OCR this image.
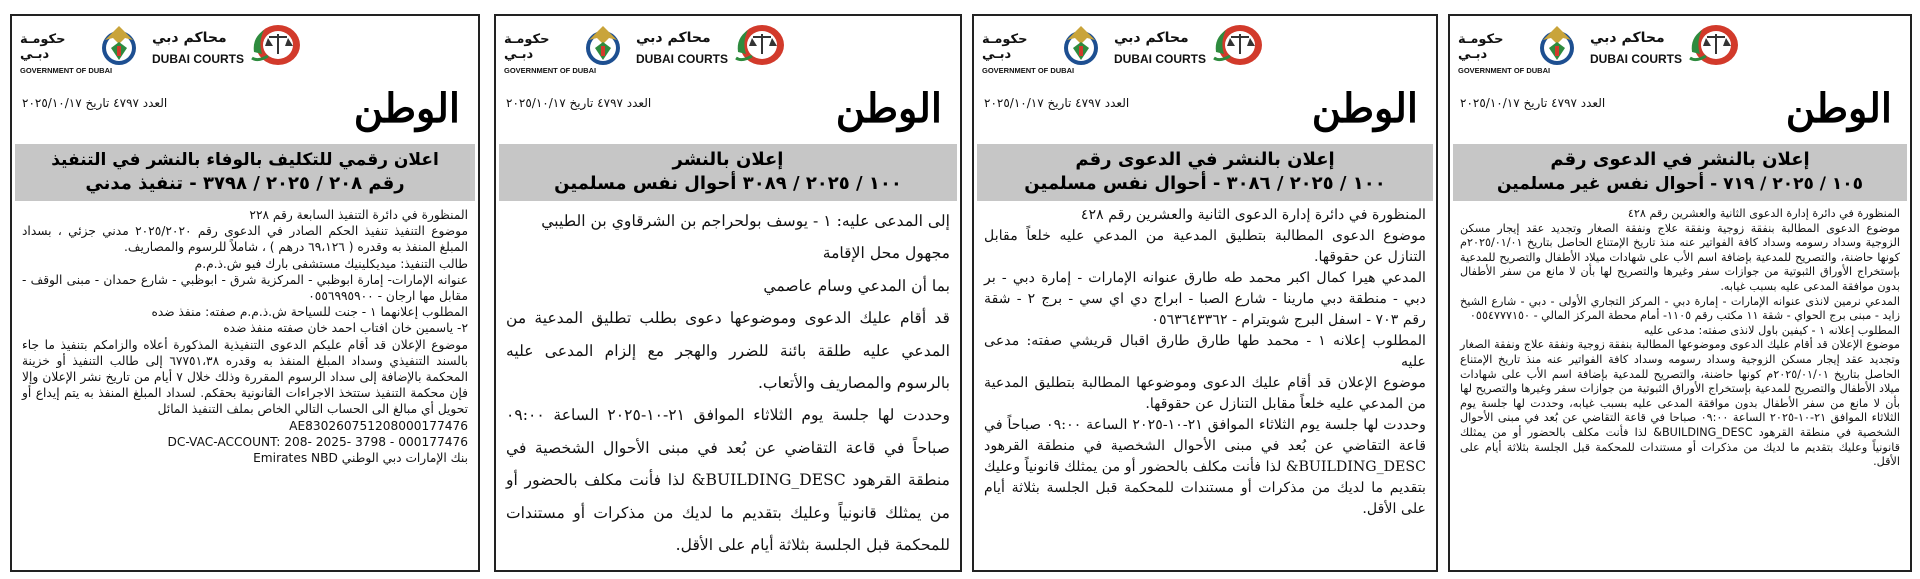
حكومـة دبـي
GOVERNMENT OF DUBAI
محاكم دبي
DUBAI COURTS
الوطن
العدد ٤٧٩٧ تاريخ ٢٠٢٥/١٠/١٧
اعلان رقمي للتكليف بالوفاء بالنشر في التنفيذ
رقم ٢٠٨ / ٢٠٢٥ / ٣٧٩٨ - تنفيذ مدني

المنظورة في دائرة التنفيذ السابعة رقم ٢٢٨

موضوع التنفيذ تنفيذ الحكم الصادر في الدعوى رقم ٢٠٢٥/٢٠٢٠ مدني جزئي ، بسداد المبلغ المنفذ به وقدره ( ٦٩،١٢٦ درهم ) ، شاملاً للرسوم والمصاريف.

طالب التنفيذ: ميديكلينيك مستشفى بارك فيو ش.ذ.م.م

عنوانه الإمارات- إمارة ابوظبي - المركزية شرق - ابوظبي - شارع حمدان - مبنى الوقف - مقابل مها ارجان - ٠٥٥٦٩٩٥٩٠٠

المطلوب إعلانهما ١ - جنت للسياحة ش.ذ.م.م صفته: منفذ ضده

٢- ياسمين خان افتاب احمد خان صفته منفذ ضده

موضوع الإعلان قد أقام عليكم الدعوى التنفيذية المذكورة أعلاه والزامكم بتنفيذ ما جاء بالسند التنفيذي وسداد المبلغ المنفذ به وقدره ٦٧٧٥١،٣٨ إلى طالب التنفيذ أو خزينة المحكمة بالإضافة إلى سداد الرسوم المقررة وذلك خلال ٧ أيام من تاريخ نشر الإعلان وإلا فإن محكمة التنفيذ ستتخذ الاجراءات القانونية بحقكم. لسداد المبلغ المنفذ به يتم إيداع أو تحويل أي مبالغ الى الحساب التالي الخاص بملف التنفيذ المائل

AE830260751208000177476

DC-VAC-ACCOUNT: 208- 2025- 3798 - 000177476

بنك الإمارات دبي الوطني Emirates NBD

حكومـة دبـي
GOVERNMENT OF DUBAI
محاكم دبي
DUBAI COURTS
الوطن
العدد ٤٧٩٧ تاريخ ٢٠٢٥/١٠/١٧
إعلان بالنشر
١٠٠ / ٢٠٢٥ / ٣٠٨٩ أحوال نفس مسلمين

إلى المدعى عليه: ١ - يوسف بولحراجم بن الشرقاوي بن الطيبي

مجهول محل الإقامة

بما أن المدعي وسام عاصمي

قد أقام عليك الدعوى وموضوعها دعوى بطلب تطليق المدعية من المدعي عليه طلقة بائنة للضرر والهجر مع إلزام المدعى عليه بالرسوم والمصاريف والأتعاب.

وحددت لها جلسة يوم الثلاثاء الموافق ٢١-١٠-٢٠٢٥ الساعة ٠٩:٠٠ صباحاً في قاعة التقاضي عن بُعد في مبنى الأحوال الشخصية في منطقة القرهود BUILDING_DESC& لذا فأنت مكلف بالحضور أو من يمثلك قانونياً وعليك بتقديم ما لديك من مذكرات أو مستندات للمحكمة قبل الجلسة بثلاثة أيام على الأقل.

حكومـة دبـي
GOVERNMENT OF DUBAI
محاكم دبي
DUBAI COURTS
الوطن
العدد ٤٧٩٧ تاريخ ٢٠٢٥/١٠/١٧
إعلان بالنشر في الدعوى رقم
١٠٠ / ٢٠٢٥ / ٣٠٨٦ - أحوال نفس مسلمين

المنظورة في دائرة إدارة الدعوى الثانية والعشرين رقم ٤٢٨

موضوع الدعوى المطالبة بتطليق المدعية من المدعي عليه خلعاً مقابل التنازل عن حقوقها.

المدعي هيرا كمال اكبر محمد طه طارق عنوانه الإمارات - إمارة دبي - بر دبي - منطقة دبي مارينا - شارع الصبا - ابراج دي اي سي - برج ٢ - شقة رقم ٧٠٣ - اسفل البرج شويترام - ٠٥٦٣٦٤٣٣٦٢

المطلوب إعلانه ١ - محمد طها طارق طارق اقبال قريشي صفته: مدعى عليه

موضوع الإعلان قد أقام عليك الدعوى وموضوعها المطالبة بتطليق المدعية من المدعي عليه خلعاً مقابل التنازل عن حقوقها.

وحددت لها جلسة يوم الثلاثاء الموافق ٢١-١٠-٢٠٢٥ الساعة ٠٩:٠٠ صباحاً في قاعة التقاضي عن بُعد في مبنى الأحوال الشخصية في منطقة القرهود BUILDING_DESC& لذا فأنت مكلف بالحضور أو من يمثلك قانونياً وعليك بتقديم ما لديك من مذكرات أو مستندات للمحكمة قبل الجلسة بثلاثة أيام على الأقل.

حكومـة دبـي
GOVERNMENT OF DUBAI
محاكم دبي
DUBAI COURTS
الوطن
العدد ٤٧٩٧ تاريخ ٢٠٢٥/١٠/١٧
إعلان بالنشر في الدعوى رقم
١٠٥ / ٢٠٢٥ / ٧١٩ - أحوال نفس غير مسلمين

المنظورة في دائرة إدارة الدعوى الثانية والعشرين رقم ٤٢٨

موضوع الدعوى المطالبة بنفقة زوجية ونفقة علاج ونفقة الصغار وتجديد عقد إيجار مسكن الزوجية وسداد رسومه وسداد كافة الفواتير عنه منذ تاريخ الإمتناع الحاصل بتاريخ ٢٠٢٥/٠١/٠١م كونها حاضنة، والتصريح للمدعية بإضافة اسم الأب على شهادات ميلاد الأطفال والتصريح للمدعية بإستخراج الأوراق الثبوتية من جوازات سفر وغيرها والتصريح لها بأن لا مانع من سفر الأطفال بدون موافقة المدعى عليه بسبب غيابه.

المدعي نرمين لانذى عنوانه الإمارات - إمارة دبي - المركز التجاري الأولى - دبي - شارع الشيخ زايد - مبنى برج الحواي - شقة ١١ مكتب رقم ١١٠٥- أمام محطة المركز المالي - ٠٥٥٤٧٧٧١٥٠

المطلوب إعلانه ١ - كيفين باول لانذى صفته: مدعى عليه

موضوع الإعلان قد أقام عليك الدعوى وموضوعها المطالبة بنفقة زوجية ونفقة علاج ونفقة الصغار وتجديد عقد إيجار مسكن الزوجية وسداد رسومه وسداد كافة الفواتير عنه منذ تاريخ الإمتناع الحاصل بتاريخ ٢٠٢٥/٠١/٠١م كونها حاضنة، والتصريح للمدعية بإضافة اسم الأب على شهادات ميلاد الأطفال والتصريح للمدعية بإستخراج الأوراق الثبوتية من جوازات سفر وغيرها والتصريح لها بأن لا مانع من سفر الأطفال بدون موافقة المدعى عليه بسبب غيابه، وحددت لها جلسة يوم الثلاثاء الموافق ٢١-١٠-٢٠٢٥ الساعة ٠٩:٠٠ صباحا في قاعة التقاضي عن بُعد في مبنى الأحوال الشخصية في منطقة القرهود BUILDING_DESC& لذا فأنت مكلف بالحضور أو من يمثلك قانونياً وعليك بتقديم ما لديك من مذكرات أو مستندات للمحكمة قبل الجلسة بثلاثة أيام على الأقل.
